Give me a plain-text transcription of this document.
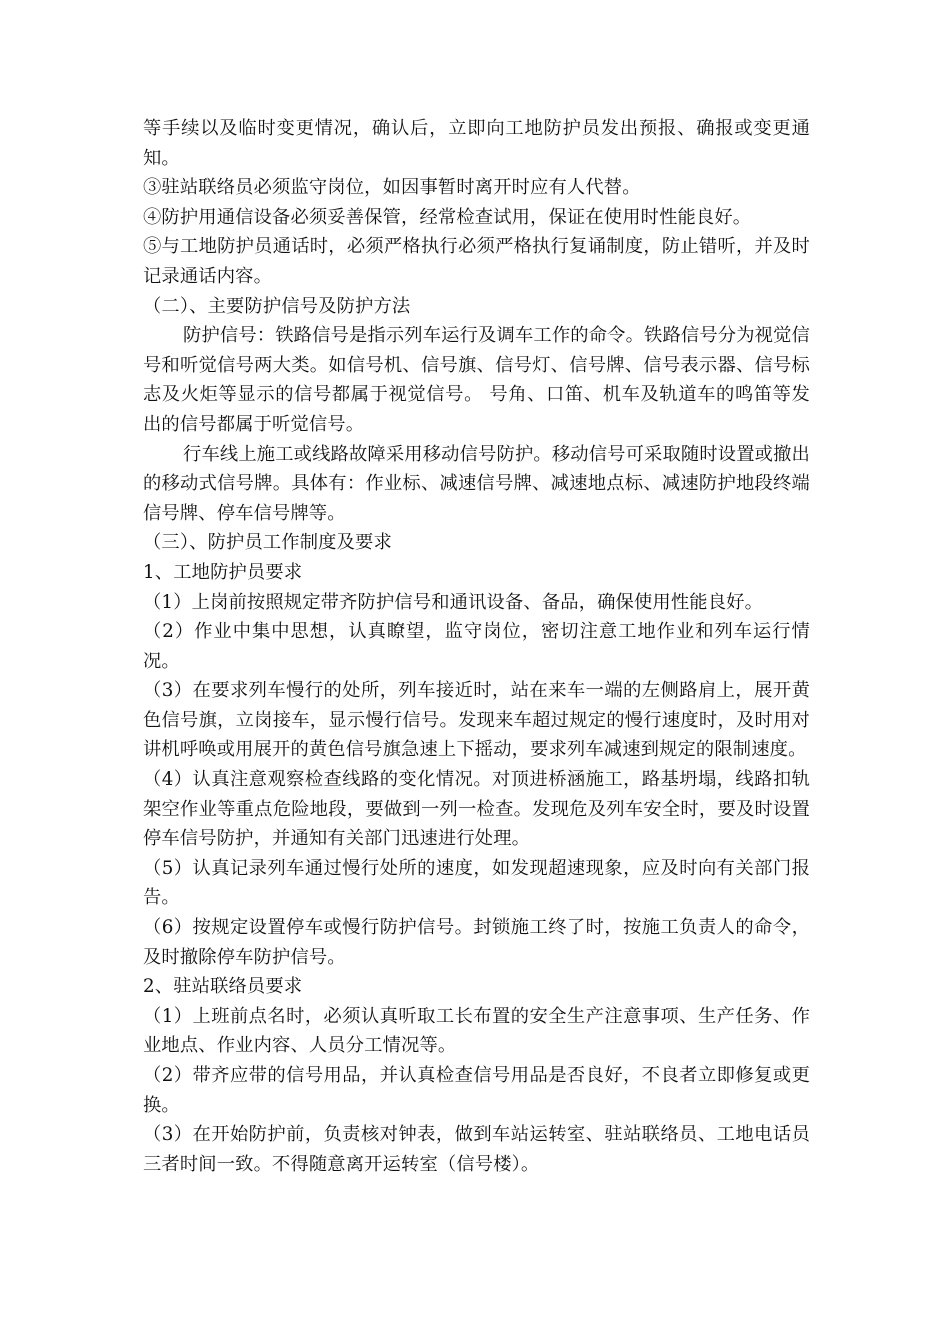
等手续以及临时变更情况，确认后，立即向工地防护员发出预报、确报或变更通知。

③驻站联络员必须监守岗位，如因事暂时离开时应有人代替。

④防护用通信设备必须妥善保管，经常检查试用，保证在使用时性能良好。

⑤与工地防护员通话时，必须严格执行必须严格执行复诵制度，防止错听，并及时记录通话内容。

（二）、主要防护信号及防护方法

防护信号：铁路信号是指示列车运行及调车工作的命令。铁路信号分为视觉信号和听觉信号两大类。如信号机、信号旗、信号灯、信号牌、信号表示器、信号标志及火炬等显示的信号都属于视觉信号。 号角、口笛、机车及轨道车的鸣笛等发出的信号都属于听觉信号。

行车线上施工或线路故障采用移动信号防护。移动信号可采取随时设置或撤出的移动式信号牌。具体有：作业标、减速信号牌、减速地点标、减速防护地段终端信号牌、停车信号牌等。

（三）、防护员工作制度及要求

1、工地防护员要求

（1）上岗前按照规定带齐防护信号和通讯设备、备品，确保使用性能良好。

（2）作业中集中思想，认真瞭望，监守岗位，密切注意工地作业和列车运行情况。

（3）在要求列车慢行的处所，列车接近时，站在来车一端的左侧路肩上，展开黄色信号旗，立岗接车，显示慢行信号。发现来车超过规定的慢行速度时，及时用对讲机呼唤或用展开的黄色信号旗急速上下摇动，要求列车减速到规定的限制速度。

（4）认真注意观察检查线路的变化情况。对顶进桥涵施工，路基坍塌，线路扣轨架空作业等重点危险地段，要做到一列一检查。发现危及列车安全时，要及时设置停车信号防护，并通知有关部门迅速进行处理。

（5）认真记录列车通过慢行处所的速度，如发现超速现象，应及时向有关部门报告。

（6）按规定设置停车或慢行防护信号。封锁施工终了时，按施工负责人的命令，及时撤除停车防护信号。

2、驻站联络员要求

（1）上班前点名时，必须认真听取工长布置的安全生产注意事项、生产任务、作业地点、作业内容、人员分工情况等。

（2）带齐应带的信号用品，并认真检查信号用品是否良好，不良者立即修复或更换。

（3）在开始防护前，负责核对钟表，做到车站运转室、驻站联络员、工地电话员三者时间一致。不得随意离开运转室（信号楼）。
